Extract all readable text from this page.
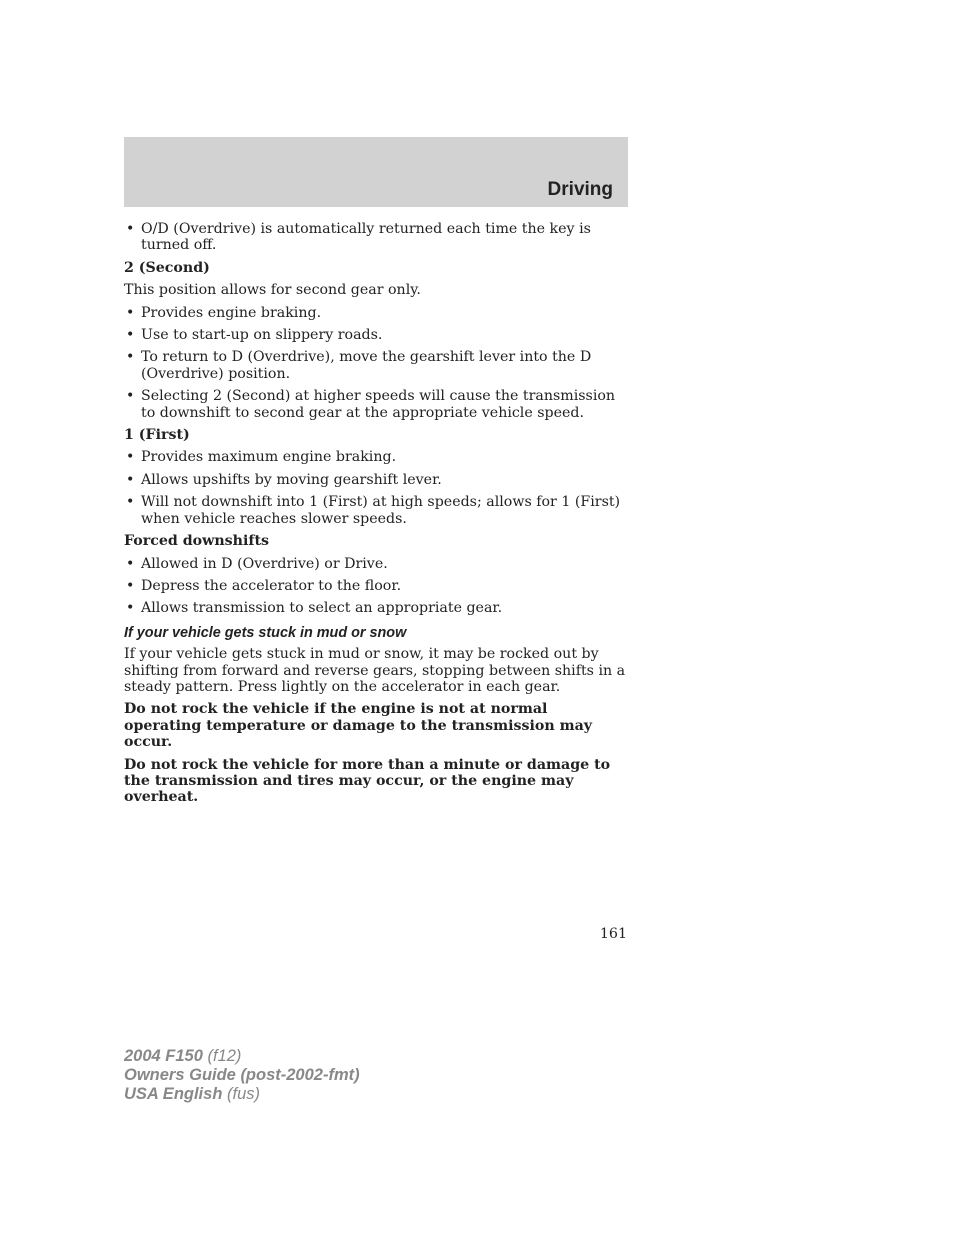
Driving
• O/D (Overdrive) is automatically returned each time the key is turned off.
2 (Second)

This position allows for second gear only.

• Provides engine braking.
• Use to start-up on slippery roads.
• To return to D (Overdrive), move the gearshift lever into the D (Overdrive) position.
• Selecting 2 (Second) at higher speeds will cause the transmission to downshift to second gear at the appropriate vehicle speed.
1 (First)
• Provides maximum engine braking.
• Allows upshifts by moving gearshift lever.
• Will not downshift into 1 (First) at high speeds; allows for 1 (First) when vehicle reaches slower speeds.
Forced downshifts
• Allowed in D (Overdrive) or Drive.
• Depress the accelerator to the floor.
• Allows transmission to select an appropriate gear.
If your vehicle gets stuck in mud or snow

If your vehicle gets stuck in mud or snow, it may be rocked out by shifting from forward and reverse gears, stopping between shifts in a steady pattern. Press lightly on the accelerator in each gear.

Do not rock the vehicle if the engine is not at normal operating temperature or damage to the transmission may occur.

Do not rock the vehicle for more than a minute or damage to the transmission and tires may occur, or the engine may overheat.

161
2004 F150 (f12)
Owners Guide (post-2002-fmt)
USA English (fus)
